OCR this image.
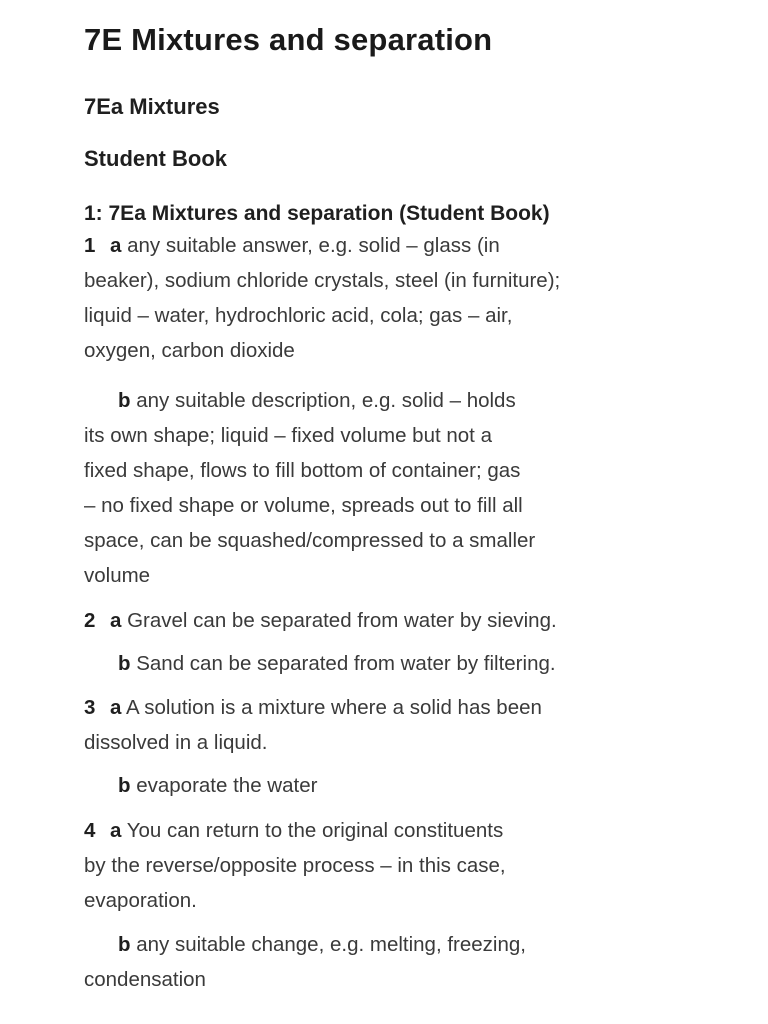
7E Mixtures and separation
7Ea Mixtures
Student Book
1: 7Ea Mixtures and separation (Student Book)
1 a any suitable answer, e.g. solid – glass (in
beaker), sodium chloride crystals, steel (in furniture);
liquid – water, hydrochloric acid, cola; gas – air,
oxygen, carbon dioxide
b any suitable description, e.g. solid – holds
its own shape; liquid – fixed volume but not a
fixed shape, flows to fill bottom of container; gas
– no fixed shape or volume, spreads out to fill all
space, can be squashed/compressed to a smaller
volume
2 a Gravel can be separated from water by sieving.
b Sand can be separated from water by filtering.
3 a A solution is a mixture where a solid has been
dissolved in a liquid.
b evaporate the water
4 a You can return to the original constituents
by the reverse/opposite process – in this case,
evaporation.
b any suitable change, e.g. melting, freezing,
condensation
